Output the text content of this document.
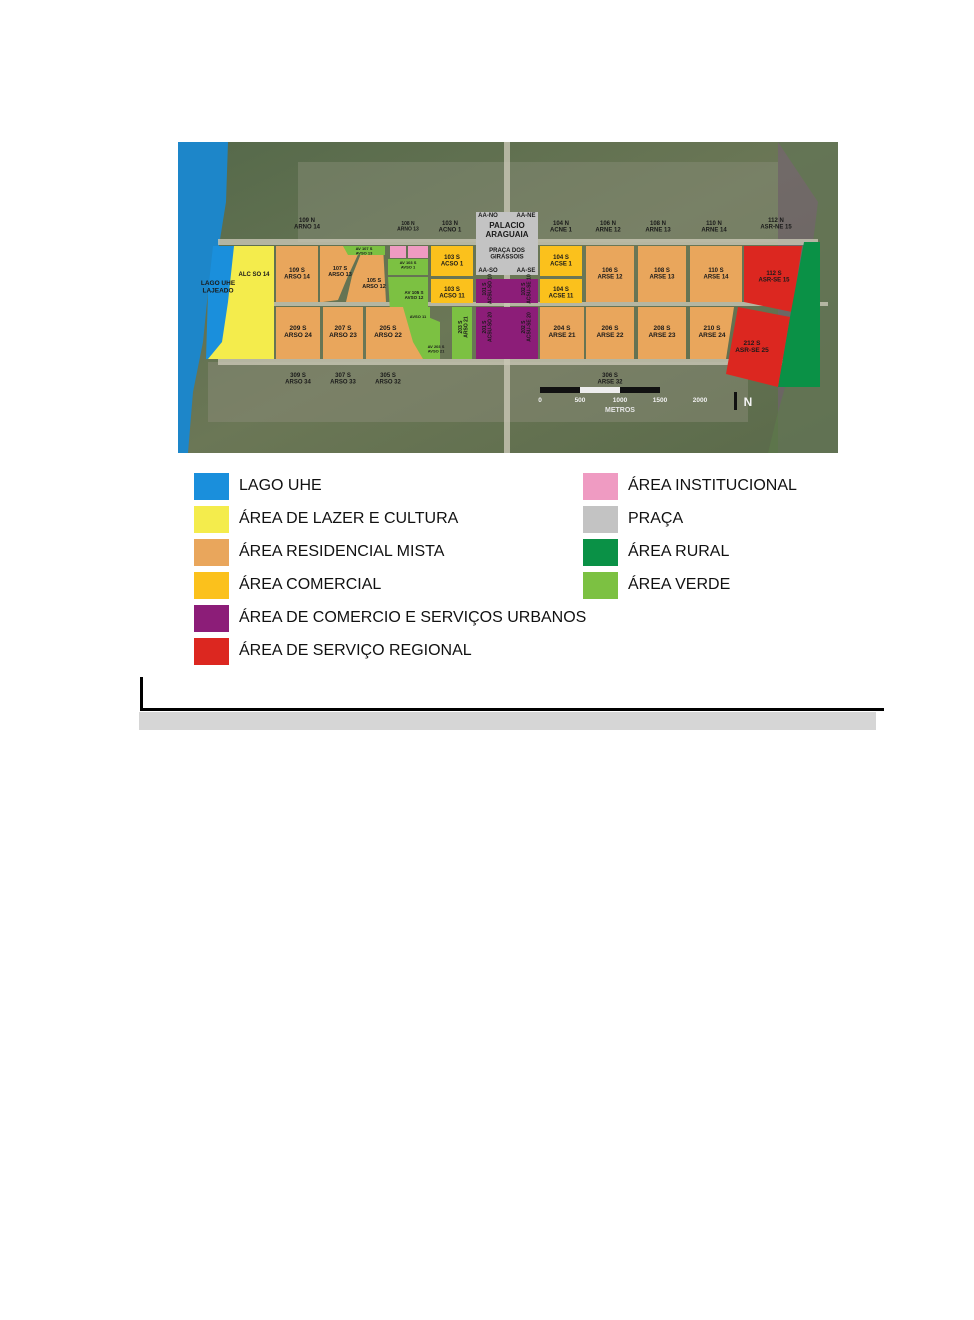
109 N ARNO 14
108 N ARNO 13
103 N ACNO 1
104 N ACNE 1
106 N ARNE 12
108 N ARNE 13
110 N ARNE 14
112 N ASR-NE 15
PALACIO ARAGUAIA
AA-NO	AA-NE
PRAÇA DOS GIRASSOIS
AA-SO	AA-SE
ALC SO 14
109 S ARSO 14
107 S ARSO 13
105 S ARSO 12
AV 107 S AVSO 13
AV 103 S AVSO 1
AV 105 S AVSO 12
AVSO 11
AV 203 S AVSO 21
103 S ACSO 1
103 S ACSO 11
104 S ACSE 1
104 S ACSE 11
106 S ARSE 12
108 S ARSE 13
110 S ARSE 14
112 S ASR-SE 15
209 S ARSO 24
207 S ARSO 23
205 S ARSO 22
203 SARSO 21	201 SACSU-SO 20	202 SACSU-SE 20
101 SACSU-SO 10	102 SACSU-SE 10
204 S ARSE 21
206 S ARSE 22
208 S ARSE 23
210 S ARSE 24
212 S ASR-SE 25
309 S ARSO 34
307 S ARSO 33
305 S ARSO 32
306 S ARSE 32
LAGO UHE LAJEADO
0	500	1000	1500	2000
METROS
N
LAGO UHE
ÁREA DE LAZER E CULTURA
ÁREA RESIDENCIAL MISTA
ÁREA COMERCIAL
ÁREA DE COMERCIO E SERVIÇOS URBANOS
ÁREA DE SERVIÇO REGIONAL
ÁREA INSTITUCIONAL
PRAÇA
ÁREA RURAL
ÁREA VERDE
